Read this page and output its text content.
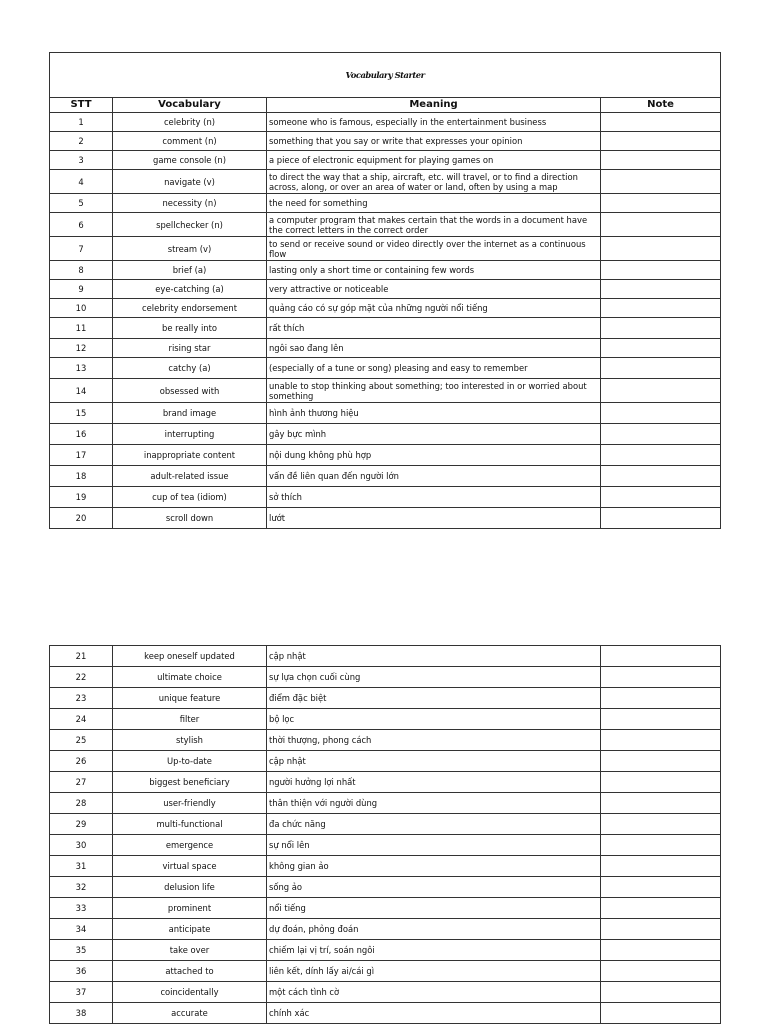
Vocabulary Starter			
STT	Vocabulary	Meaning	Note
1	celebrity (n)	someone who is famous, especially in the entertainment business	
2	comment (n)	something that you say or write that expresses your opinion	
3	game console (n)	a piece of electronic equipment for playing games on	
4	navigate (v)	to direct the way that a ship, aircraft, etc. will travel, or to find a direction across, along, or over an area of water or land, often by using a map	
5	necessity (n)	the need for something	
6	spellchecker (n)	a computer program that makes certain that the words in a document have the correct letters in the correct order	
7	stream (v)	to send or receive sound or video directly over the internet as a continuous flow	
8	brief (a)	lasting only a short time or containing few words	
9	eye-catching (a)	very attractive or noticeable	
10	celebrity endorsement	quảng cáo có sự góp mặt của những người nổi tiếng	
11	be really into	rất thích	
12	rising star	ngôi sao đang lên	
13	catchy (a)	(especially of a tune or song) pleasing and easy to remember	
14	obsessed with	unable to stop thinking about something; too interested in or worried about something	
15	brand image	hình ảnh thương hiệu	
16	interrupting	gây bực mình	
17	inappropriate content	nội dung không phù hợp	
18	adult-related issue	vấn đề liên quan đến người lớn	
19	cup of tea (idiom)	sở thích	
20	scroll down	lướt	
21	keep oneself updated	cập nhật	
22	ultimate choice	sự lựa chọn cuối cùng	
23	unique feature	điểm đặc biệt	
24	filter	bộ lọc	
25	stylish	thời thượng, phong cách	
26	Up-to-date	cập nhật	
27	biggest beneficiary	người hưởng lợi nhất	
28	user-friendly	thân thiện với người dùng	
29	multi-functional	đa chức năng	
30	emergence	sự nổi lên	
31	virtual space	không gian ảo	
32	delusion life	sống ảo	
33	prominent	nổi tiếng	
34	anticipate	dự đoán, phỏng đoán	
35	take over	chiếm lại vị trí, soán ngôi	
36	attached to	liên kết, dính lấy ai/cái gì	
37	coincidentally	một cách tình cờ	
38	accurate	chính xác	
